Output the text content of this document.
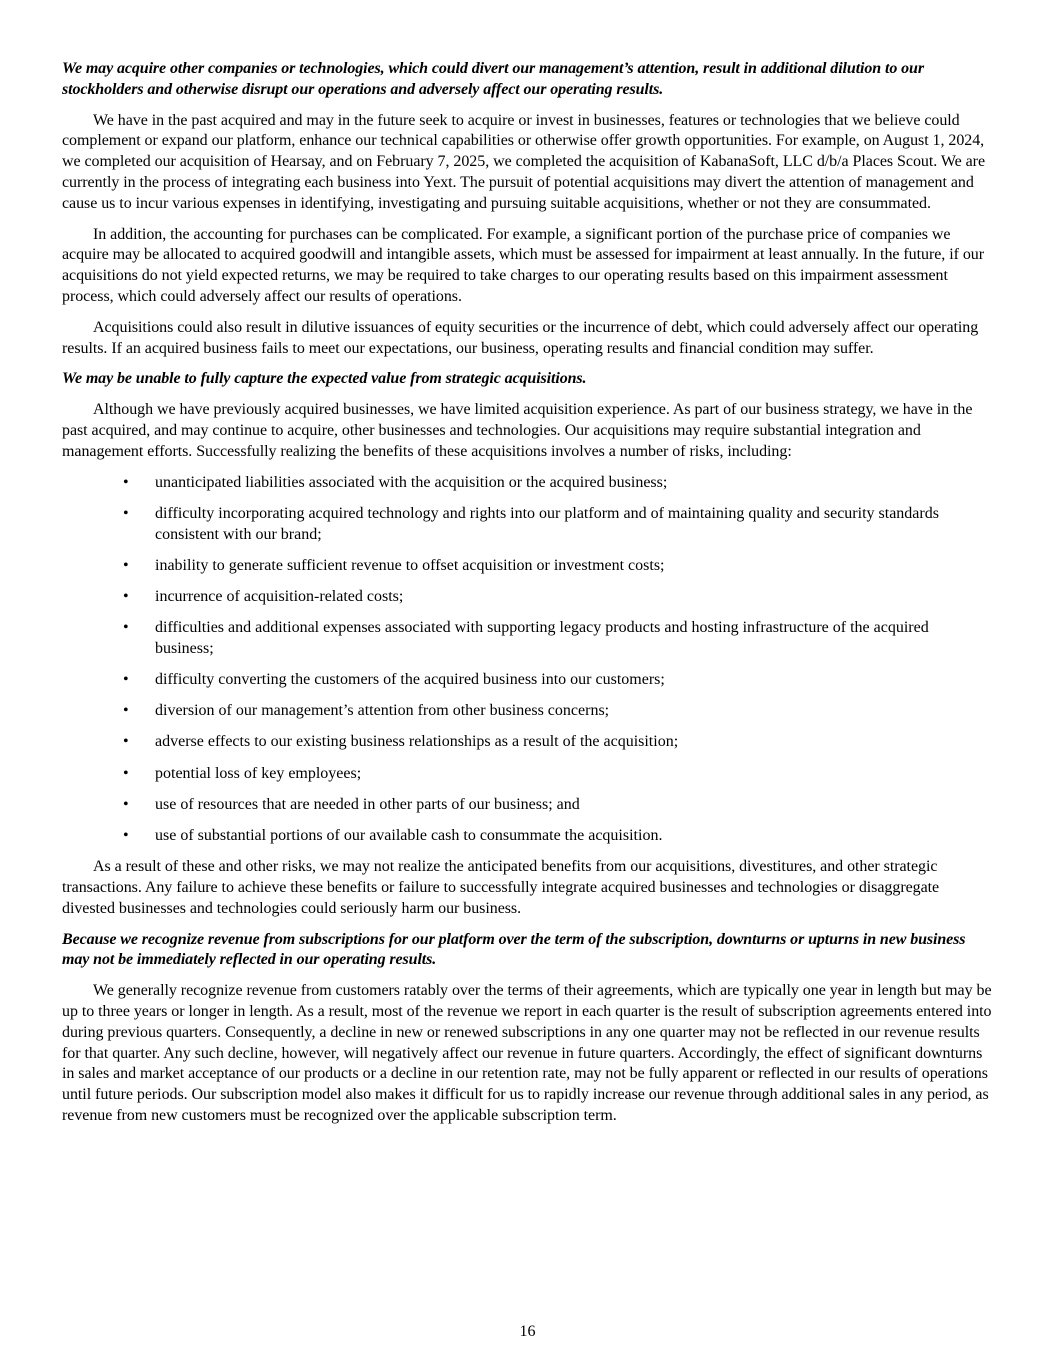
We may acquire other companies or technologies, which could divert our management’s attention, result in additional dilution to our stockholders and otherwise disrupt our operations and adversely affect our operating results.

We have in the past acquired and may in the future seek to acquire or invest in businesses, features or technologies that we believe could complement or expand our platform, enhance our technical capabilities or otherwise offer growth opportunities. For example, on August 1, 2024, we completed our acquisition of Hearsay, and on February 7, 2025, we completed the acquisition of KabanaSoft, LLC d/b/a Places Scout. We are currently in the process of integrating each business into Yext. The pursuit of potential acquisitions may divert the attention of management and cause us to incur various expenses in identifying, investigating and pursuing suitable acquisitions, whether or not they are consummated.

In addition, the accounting for purchases can be complicated. For example, a significant portion of the purchase price of companies we acquire may be allocated to acquired goodwill and intangible assets, which must be assessed for impairment at least annually. In the future, if our acquisitions do not yield expected returns, we may be required to take charges to our operating results based on this impairment assessment process, which could adversely affect our results of operations.

Acquisitions could also result in dilutive issuances of equity securities or the incurrence of debt, which could adversely affect our operating results. If an acquired business fails to meet our expectations, our business, operating results and financial condition may suffer.

We may be unable to fully capture the expected value from strategic acquisitions.

Although we have previously acquired businesses, we have limited acquisition experience. As part of our business strategy, we have in the past acquired, and may continue to acquire, other businesses and technologies. Our acquisitions may require substantial integration and management efforts. Successfully realizing the benefits of these acquisitions involves a number of risks, including:

• unanticipated liabilities associated with the acquisition or the acquired business;
• difficulty incorporating acquired technology and rights into our platform and of maintaining quality and security standards consistent with our brand;
• inability to generate sufficient revenue to offset acquisition or investment costs;
• incurrence of acquisition-related costs;
• difficulties and additional expenses associated with supporting legacy products and hosting infrastructure of the acquired business;
• difficulty converting the customers of the acquired business into our customers;
• diversion of our management’s attention from other business concerns;
• adverse effects to our existing business relationships as a result of the acquisition;
• potential loss of key employees;
• use of resources that are needed in other parts of our business; and
• use of substantial portions of our available cash to consummate the acquisition.

As a result of these and other risks, we may not realize the anticipated benefits from our acquisitions, divestitures, and other strategic transactions. Any failure to achieve these benefits or failure to successfully integrate acquired businesses and technologies or disaggregate divested businesses and technologies could seriously harm our business.

Because we recognize revenue from subscriptions for our platform over the term of the subscription, downturns or upturns in new business may not be immediately reflected in our operating results.

We generally recognize revenue from customers ratably over the terms of their agreements, which are typically one year in length but may be up to three years or longer in length. As a result, most of the revenue we report in each quarter is the result of subscription agreements entered into during previous quarters. Consequently, a decline in new or renewed subscriptions in any one quarter may not be reflected in our revenue results for that quarter. Any such decline, however, will negatively affect our revenue in future quarters. Accordingly, the effect of significant downturns in sales and market acceptance of our products or a decline in our retention rate, may not be fully apparent or reflected in our results of operations until future periods. Our subscription model also makes it difficult for us to rapidly increase our revenue through additional sales in any period, as revenue from new customers must be recognized over the applicable subscription term.

16
